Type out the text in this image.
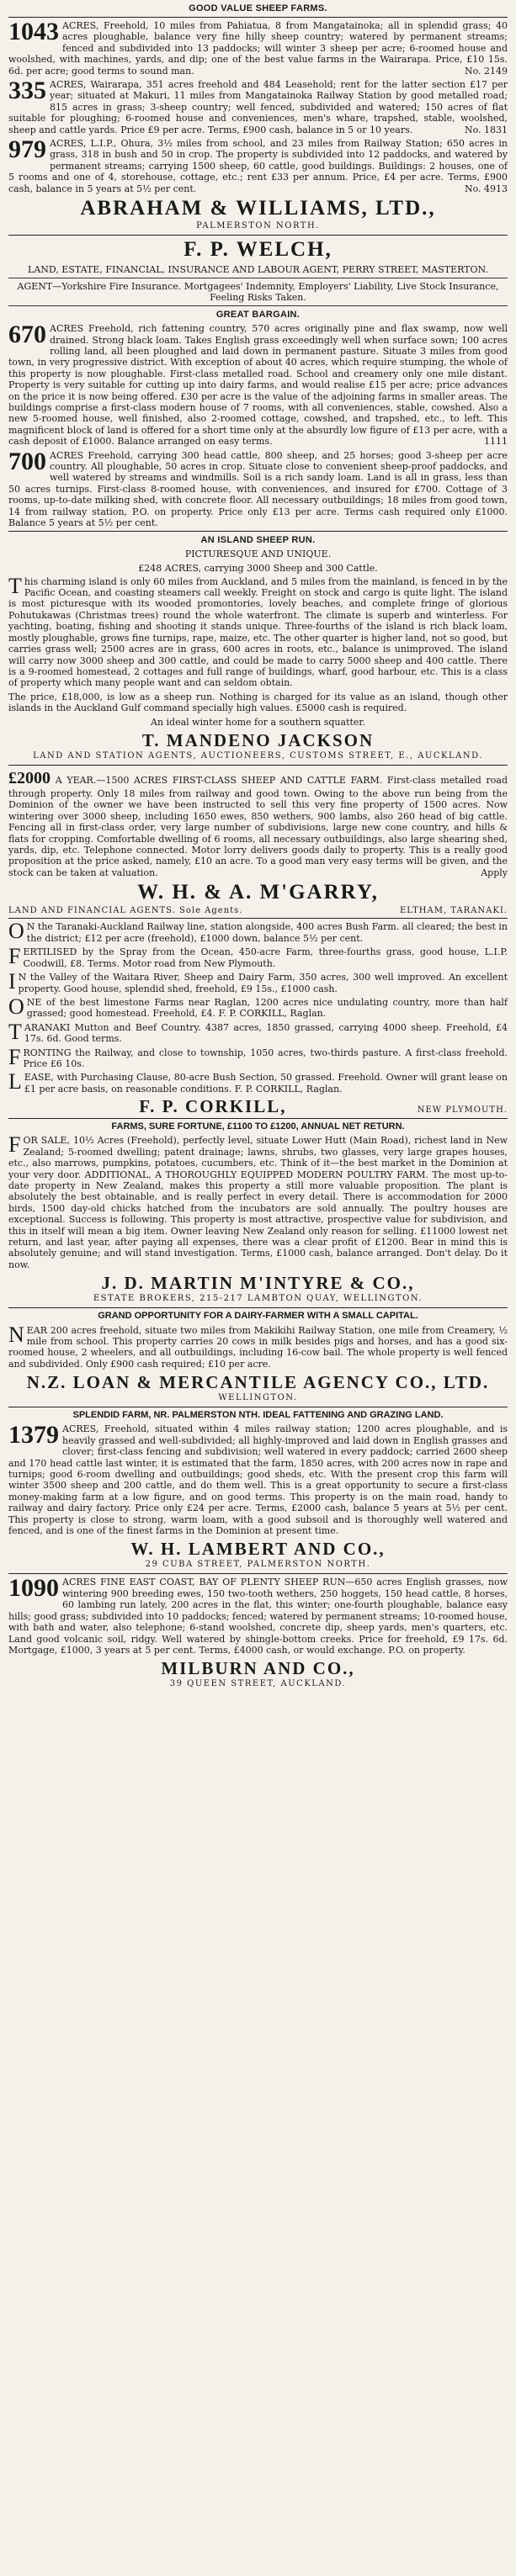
GOOD VALUE SHEEP FARMS.
1043 ACRES, Freehold, 10 miles from Pahiatua, 8 from Mangatainoka; all in splendid grass; 40 acres ploughable, balance very fine hilly sheep country; watered by permanent streams; fenced and subdivided into 13 paddocks; will winter 3 sheep per acre; 6-roomed house and woolshed, with machines, yards, and dip; one of the best value farms in the Wairarapa. Price, £10 15s. 6d. per acre; good terms to sound man.	No. 2149
335 ACRES, Wairarapa, 351 acres freehold and 484 Leasehold; rent for the latter section £17 per year; situated at Makuri, 11 miles from Mangatainoka Railway Station by good metalled road; 815 acres in grass; 3-sheep country; well fenced, subdivided and watered; 150 acres of flat suitable for ploughing; 6-roomed house and conveniences, men's whare, trapshed, stable, woolshed, sheep and cattle yards. Price £9 per acre. Terms, £900 cash, balance in 5 or 10 years.	No. 1831
979 ACRES, L.I.P., Ohura, 3½ miles from school, and 23 miles from Railway Station; 650 acres in grass, 318 in bush and 50 in crop. The property is subdivided into 12 paddocks, and watered by permanent streams; carrying 1500 sheep, 60 cattle, good buildings. Buildings: 2 houses, one of 5 rooms and one of 4, storehouse, cottage, etc.; rent £33 per annum. Price, £4 per acre. Terms, £900 cash, balance in 5 years at 5½ per cent.	No. 4913
ABRAHAM & WILLIAMS, LTD.,
PALMERSTON NORTH.
F. P. WELCH,
LAND, ESTATE, FINANCIAL, INSURANCE AND LABOUR AGENT, PERRY STREET, MASTERTON.
AGENT—Yorkshire Fire Insurance. Mortgagees' Indemnity, Employers' Liability, Live Stock Insurance, Feeling Risks Taken.
GREAT BARGAIN.
670 ACRES Freehold, rich fattening country, 570 acres originally pine and flax swamp, now well drained. Strong black loam. Takes English grass exceedingly well when surface sown; 100 acres rolling land, all been ploughed and laid down in permanent pasture. Situate 3 miles from good town, in very progressive district. With exception of about 40 acres, which require stumping, the whole of this property is now ploughable. First-class metalled road. School and creamery only one mile distant. Property is very suitable for cutting up into dairy farms, and would realise £15 per acre; price advances on the price it is now being offered. £30 per acre is the value of the adjoining farms in smaller areas. The buildings comprise a first-class modern house of 7 rooms, with all conveniences, stable, cowshed. Also a new 5-roomed house, well finished, also 2-roomed cottage, cowshed, and trapshed, etc., to left. This magnificent block of land is offered for a short time only at the absurdly low figure of £13 per acre, with a cash deposit of £1000. Balance arranged on easy terms.	1111
700 ACRES Freehold, carrying 300 head cattle, 800 sheep, and 25 horses; good 3-sheep per acre country. All ploughable, 50 acres in crop. Situate close to convenient sheep-proof paddocks, and well watered by streams and windmills. Soil is a rich sandy loam. Land is all in grass, less than 50 acres turnips. First-class 8-roomed house, with conveniences, and insured for £700. Cottage of 3 rooms, up-to-date milking shed, with concrete floor. All necessary outbuildings; 18 miles from good town, 14 from railway station, P.O. on property. Price only £13 per acre. Terms cash required only £1000. Balance 5 years at 5½ per cent.
AN ISLAND SHEEP RUN.
PICTURESQUE AND UNIQUE.
£248 ACRES, carrying 3000 Sheep and 300 Cattle.
T his charming island is only 60 miles from Auckland, and 5 miles from the mainland, is fenced in by the Pacific Ocean, and coasting steamers call weekly. Freight on stock and cargo is quite light. The island is most picturesque with its wooded promontories, lovely beaches, and complete fringe of glorious Pohutukawas (Christmas trees) round the whole waterfront. The climate is superb and winterless. For yachting, boating, fishing and shooting it stands unique. Three-fourths of the island is rich black loam, mostly ploughable, grows fine turnips, rape, maize, etc. The other quarter is higher land, not so good, but carries grass well; 2500 acres are in grass, 600 acres in roots, etc., balance is unimproved. The island will carry now 3000 sheep and 300 cattle, and could be made to carry 5000 sheep and 400 cattle. There is a 9-roomed homestead, 2 cottages and full range of buildings, wharf, good harbour, etc. This is a class of property which many people want and can seldom obtain.
The price, £18,000, is low as a sheep run. Nothing is charged for its value as an island, though other islands in the Auckland Gulf command specially high values. £5000 cash is required.
An ideal winter home for a southern squatter.
T. MANDENO JACKSON
LAND AND STATION AGENTS, AUCTIONEERS, CUSTOMS STREET, E., AUCKLAND.
£2000 A YEAR.—1500 ACRES FIRST-CLASS SHEEP AND CATTLE FARM. First-class metalled road through property. Only 18 miles from railway and good town. Owing to the above run being from the Dominion of the owner we have been instructed to sell this very fine property of 1500 acres. Now wintering over 3000 sheep, including 1650 ewes, 850 wethers, 900 lambs, also 260 head of big cattle. Fencing all in first-class order, very large number of subdivisions, large new cone country, and hills & flats for cropping. Comfortable dwelling of 6 rooms, all necessary outbuildings, also large shearing shed, yards, dip, etc. Telephone connected. Motor lorry delivers goods daily to property. This is a really good proposition at the price asked, namely, £10 an acre. To a good man very easy terms will be given, and the stock can be taken at valuation.	Apply
W. H. & A. M'GARRY,
LAND AND FINANCIAL AGENTS. Sole Agents.	ELTHAM, TARANAKI.
O N the Taranaki-Auckland Railway line, station alongside, 400 acres Bush Farm. all cleared; the best in the district; £12 per acre (freehold), £1000 down, balance 5½ per cent.
F ERTILISED by the Spray from the Ocean, 450-acre Farm, three-fourths grass, good house, L.I.P. Coodwill, £8. Terms. Motor road from New Plymouth.
I N the Valley of the Waitara River, Sheep and Dairy Farm, 350 acres, 300 well improved. An excellent property. Good house, splendid shed, freehold, £9 15s., £1000 cash.
O NE of the best limestone Farms near Raglan, 1200 acres nice undulating country, more than half grassed; good homestead. Freehold, £4. F. P. CORKILL, Raglan.
T ARANAKI Mutton and Beef Country. 4387 acres, 1850 grassed, carrying 4000 sheep. Freehold, £4 17s. 6d. Good terms.
F RONTING the Railway, and close to township, 1050 acres, two-thirds pasture. A first-class freehold. Price £6 10s.
L EASE, with Purchasing Clause, 80-acre Bush Section, 50 grassed. Freehold. Owner will grant lease on £1 per acre basis, on reasonable conditions. F. P. CORKILL, Raglan.
F. P. CORKILL,	NEW PLYMOUTH.
FARMS, SURE FORTUNE, £1100 TO £1200, ANNUAL NET RETURN.
F OR SALE, 10½ Acres (Freehold), perfectly level, situate Lower Hutt (Main Road), richest land in New Zealand; 5-roomed dwelling; patent drainage; lawns, shrubs, two glasses, very large grapes houses, etc., also marrows, pumpkins, potatoes, cucumbers, etc. Think of it—the best market in the Dominion at your very door. ADDITIONAL, A THOROUGHLY EQUIPPED MODERN POULTRY FARM. The most up-to-date property in New Zealand, makes this property a still more valuable proposition. The plant is absolutely the best obtainable, and is really perfect in every detail. There is accommodation for 2000 birds, 1500 day-old chicks hatched from the incubators are sold annually. The poultry houses are exceptional. Success is following. This property is most attractive, prospective value for subdivision, and this in itself will mean a big item. Owner leaving New Zealand only reason for selling. £11000 lowest net return, and last year, after paying all expenses, there was a clear profit of £1200. Bear in mind this is absolutely genuine; and will stand investigation. Terms, £1000 cash, balance arranged. Don't delay. Do it now.
J. D. MARTIN M'INTYRE & CO.,
ESTATE BROKERS, 215-217 LAMBTON QUAY, WELLINGTON.
GRAND OPPORTUNITY FOR A DAIRY-FARMER WITH A SMALL CAPITAL.
N EAR 200 acres freehold, situate two miles from Makikihi Railway Station, one mile from Creamery, ½ mile from school. This property carries 20 cows in milk besides pigs and horses, and has a good six-roomed house, 2 wheelers, and all outbuildings, including 16-cow bail. The whole property is well fenced and subdivided. Only £900 cash required; £10 per acre.
N.Z. LOAN & MERCANTILE AGENCY CO., LTD.
WELLINGTON.
SPLENDID FARM, NR. PALMERSTON NTH. IDEAL FATTENING AND GRAZING LAND.
1379 ACRES, Freehold, situated within 4 miles railway station; 1200 acres ploughable, and is heavily grassed and well-subdivided; all highly-improved and laid down in English grasses and clover; first-class fencing and subdivision; well watered in every paddock; carried 2600 sheep and 170 head cattle last winter, it is estimated that the farm, 1850 acres, with 200 acres now in rape and turnips; good 6-room dwelling and outbuildings; good sheds, etc. With the present crop this farm will winter 3500 sheep and 200 cattle, and do them well. This is a great opportunity to secure a first-class money-making farm at a low figure, and on good terms. This property is on the main road, handy to railway and dairy factory. Price only £24 per acre. Terms, £2000 cash, balance 5 years at 5½ per cent. This property is close to strong, warm loam, with a good subsoil and is thoroughly well watered and fenced, and is one of the finest farms in the Dominion at present time.
W. H. LAMBERT AND CO.,
29 CUBA STREET, PALMERSTON NORTH.
1090 ACRES FINE EAST COAST, BAY OF PLENTY SHEEP RUN—650 acres English grasses, now wintering 900 breeding ewes, 150 two-tooth wethers, 250 hoggets, 150 head cattle, 8 horses, 60 lambing run lately, 200 acres in the flat, this winter; one-fourth ploughable, balance easy hills; good grass; subdivided into 10 paddocks; fenced; watered by permanent streams; 10-roomed house, with bath and water, also telephone; 6-stand woolshed, concrete dip, sheep yards, men's quarters, etc. Land good volcanic soil, ridgy. Well watered by shingle-bottom creeks. Price for freehold, £9 17s. 6d. Mortgage, £1000, 3 years at 5 per cent. Terms, £4000 cash, or would exchange. P.O. on property.
MILBURN AND CO.,
39 QUEEN STREET, AUCKLAND.
